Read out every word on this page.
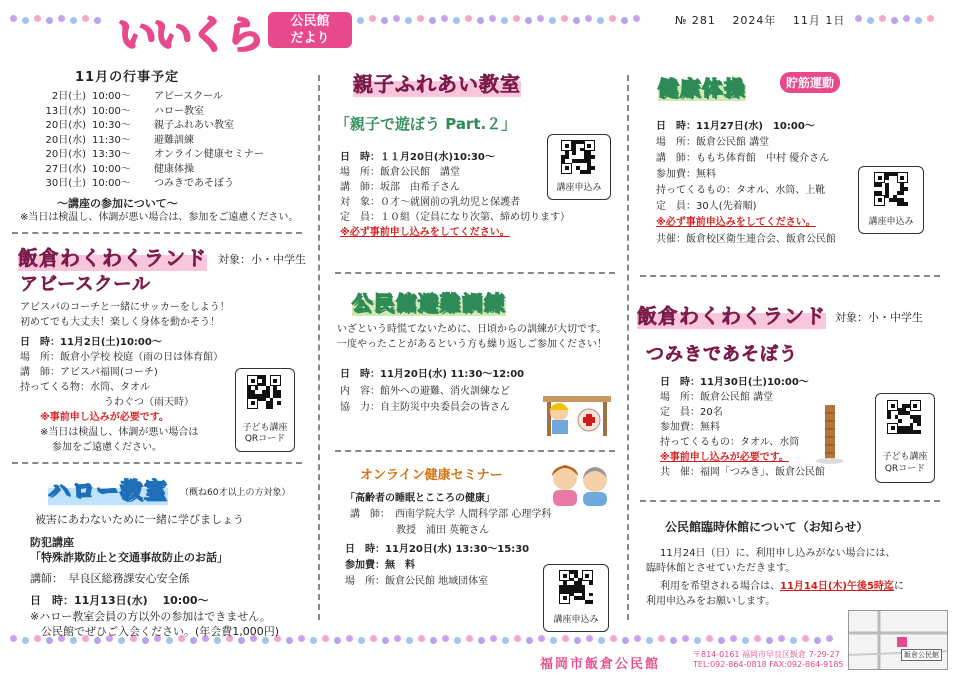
いいくら	公民館
だより
№ 281　 2024年　 11月 1日
11月の行事予定
2日(土) 10:00～ アビースクール
13日(水) 10:00～ ハロー教室
20日(水) 10:30～ 親子ふれあい教室
20日(水) 11:30～ 避難訓練
20日(水) 13:30～ オンライン健康セミナー
27日(水) 10:00～ 健康体操
30日(土) 10:00～ つみきであそぼう
～講座の参加について～
※当日は検温し、体調が悪い場合は、参加をご遠慮ください。
飯倉わくわくランド 対象：小・中学生
アビースクール
アビスパのコーチと一緒にサッカーをしよう！
初めてでも大丈夫！楽しく身体を動かそう！
日　時：11月2日(土)10:00～
場　所：飯倉小学校 校庭（雨の日は体育館）
講　師：アビスパ福岡(コーチ)
持ってくる物：水筒、タオル
うわぐつ（雨天時）
※事前申し込みが必要です。
※当日は検温し、体調が悪い場合は
参加をご遠慮ください。
子ども講座
QRコード
ハロー教室 （概ね60才以上の方対象）
被害にあわないために一緒に学びましょう
防犯講座
「特殊詐欺防止と交通事故防止のお話」
講師：　早良区総務課安心安全係
日　時：11月13日(水)　 10:00～
※ハロー教室会員の方以外の参加はできません。
　公民館でぜひご入会ください。(年会費1,000円)
親子ふれあい教室
「親子で遊ぼう Part.２」
日　時：１１月20日(水)10:30～
場　所：飯倉公民館　講堂
講　師：坂部　由希子さん
対　象：０才～就園前の乳幼児と保護者
定　員：１０組（定員になり次第、締め切ります）
※必ず事前申し込みをしてください。
講座申込み
公民館避難訓練
いざという時慌てないために、日頃からの訓練が大切です。
一度やったことがあるという方も繰り返しご参加ください！
日　時：11月20日(水) 11:30～12:00
内　容：館外への避難、消火訓練など
協　力：自主防災中央委員会の皆さん
オンライン健康セミナー
「高齢者の睡眠とこころの健康」
講　師：　西南学院大学 人間科学部 心理学科
教授　浦田 英範さん
日　時：11月20日(水) 13:30～15:30
参加費：無　料
場　所：飯倉公民館 地域団体室
講座申込み
健康体操	貯筋運動
日　時：11月27日(水)　10:00～
場　所：飯倉公民館 講堂
講　師：ももち体育館　中村 優介さん
参加費：無料
持ってくるもの：タオル、水筒、上靴
定　員：30人(先着順)
※必ず事前申込みをしてください。
共催：飯倉校区衛生連合会、飯倉公民館
講座申込み
飯倉わくわくランド 対象：小・中学生
つみきであそぼう
日　時：11月30日(土)10:00～
場　所：飯倉公民館 講堂
定　員：20名
参加費：無料
持ってくるもの：タオル、水筒
※事前申し込みが必要です。
共　催：福岡「つみき」、飯倉公民館
子ども講座
QRコード
公民館臨時休館について（お知らせ）
11月24日（日）に、利用申し込みがない場合には、
臨時休館とさせていただきます。
利用を希望される場合は、11月14日(木)午後5時迄に
利用申込みをお願いします。
福岡市飯倉公民館
〒814-0161 福岡市早良区飯倉 7-29-27
TEL:092-864-0818 FAX:092-864-9185
飯倉公民館
